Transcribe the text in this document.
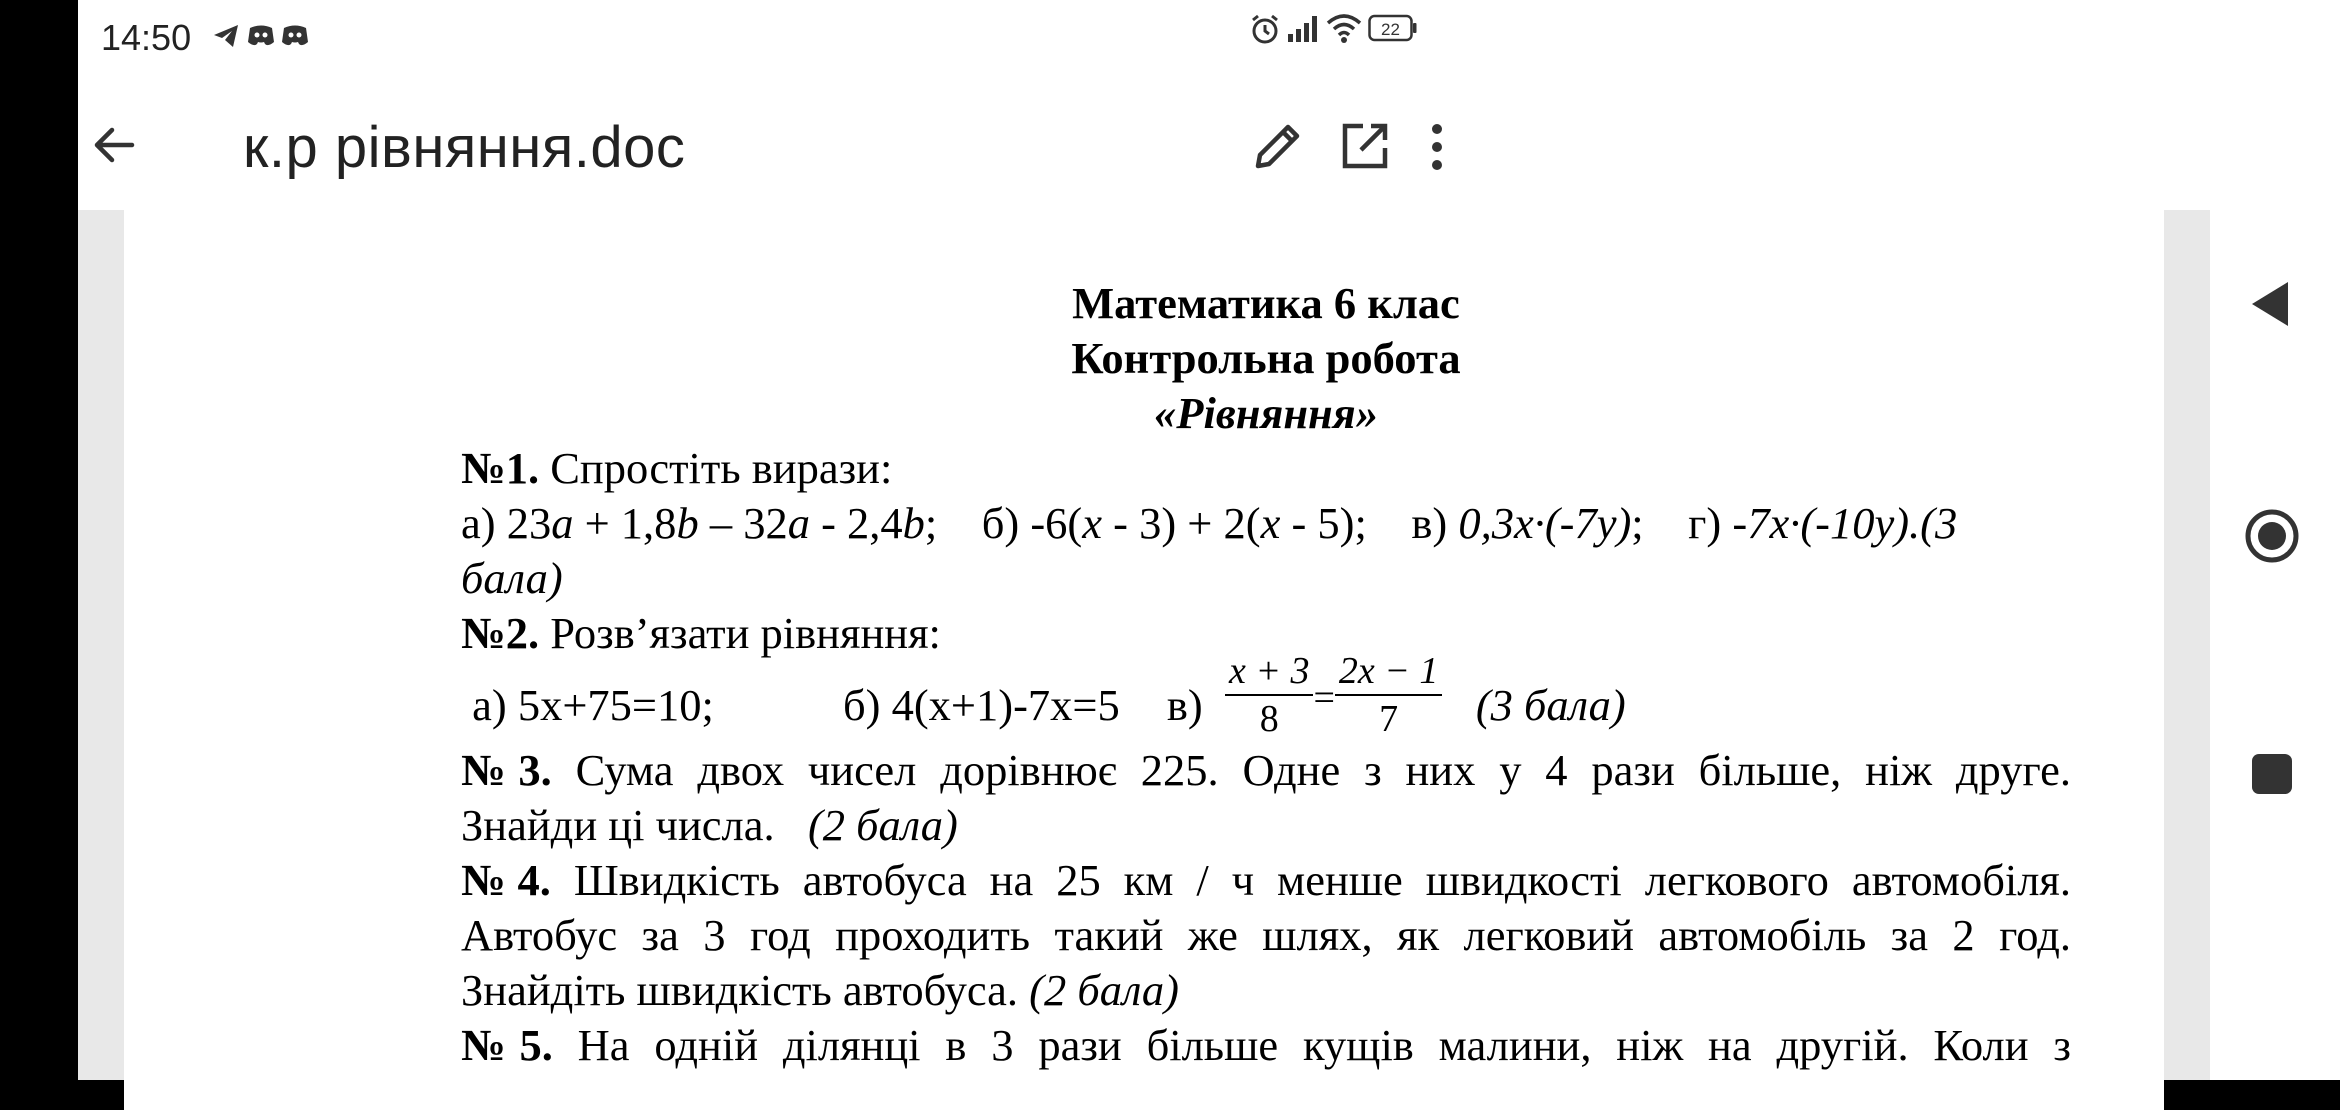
14:50	22
к.р рівняння.doc
Математика 6 клас
Контрольна робота
«Рівняння»
№1. Спростіть вирази:
а) 23a + 1,8b – 32a - 2,4b; б) -6(x - 3) + 2(x - 5); в) 0,3x·(-7y); г) -7x·(-10y).(3
бала)
№2. Розв’язати рівняння:
а) 5x+75=10;	б) 4(x+1)-7x=5 $в) \frac{x + 3}{8} = \frac{2x - 1}{7} (3$ бала)
№3. Сума двох чисел дорівнює 225. Одне з них у 4 рази більше, ніж друге.
Знайди ці числа. (2 бала)
№4. Швидкість автобуса на 25 км / ч менше швидкості легкового автомобіля.
Автобус за 3 год проходить такий же шлях, як легковий автомобіль за 2 год.
Знайдіть швидкість автобуса. (2 бала)
№5. На одній ділянці в 3 рази більше кущів малини, ніж на другій. Коли з
